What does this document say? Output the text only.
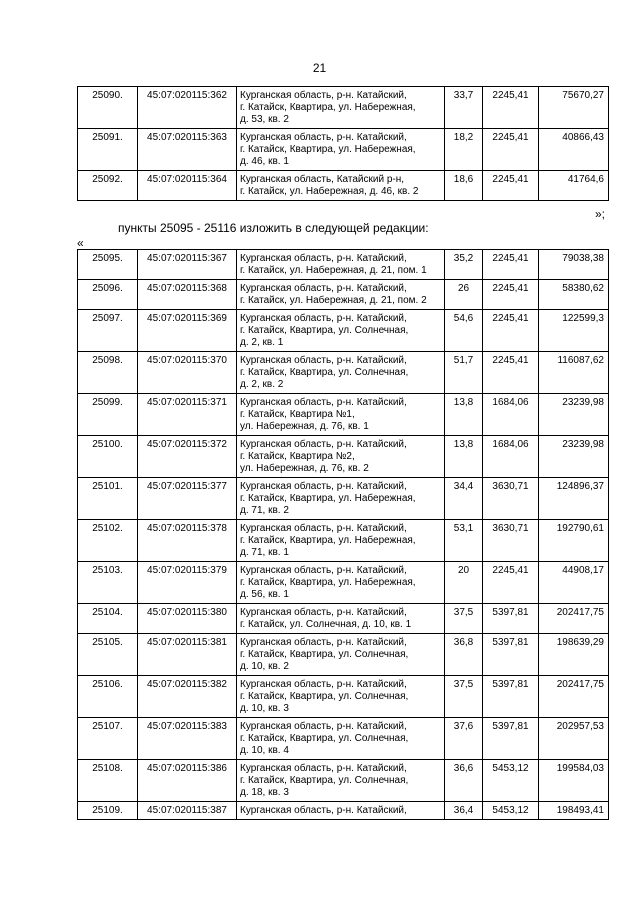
21
25090.	45:07:020115:362	Курганская область, р-н. Катайский,
г. Катайск, Квартира, ул. Набережная,
д. 53, кв. 2	33,7	2245,41	75670,27
25091.	45:07:020115:363	Курганская область, р-н. Катайский,
г. Катайск, Квартира, ул. Набережная,
д. 46, кв. 1	18,2	2245,41	40866,43
25092.	45:07:020115:364	Курганская область, Катайский р-н,
г. Катайск, ул. Набережная, д. 46, кв. 2	18,6	2245,41	41764,6
»;
пункты 25095 - 25116 изложить в следующей редакции:
«
25095.	45:07:020115:367	Курганская область, р-н. Катайский,
г. Катайск, ул. Набережная, д. 21, пом. 1	35,2	2245,41	79038,38
25096.	45:07:020115:368	Курганская область, р-н. Катайский,
г. Катайск, ул. Набережная, д. 21, пом. 2	26	2245,41	58380,62
25097.	45:07:020115:369	Курганская область, р-н. Катайский,
г. Катайск, Квартира, ул. Солнечная,
д. 2, кв. 1	54,6	2245,41	122599,3
25098.	45:07:020115:370	Курганская область, р-н. Катайский,
г. Катайск, Квартира, ул. Солнечная,
д. 2, кв. 2	51,7	2245,41	116087,62
25099.	45:07:020115:371	Курганская область, р-н. Катайский,
г. Катайск, Квартира №1,
ул. Набережная, д. 76, кв. 1	13,8	1684,06	23239,98
25100.	45:07:020115:372	Курганская область, р-н. Катайский,
г. Катайск, Квартира №2,
ул. Набережная, д. 76, кв. 2	13,8	1684,06	23239,98
25101.	45:07:020115:377	Курганская область, р-н. Катайский,
г. Катайск, Квартира, ул. Набережная,
д. 71, кв. 2	34,4	3630,71	124896,37
25102.	45:07:020115:378	Курганская область, р-н. Катайский,
г. Катайск, Квартира, ул. Набережная,
д. 71, кв. 1	53,1	3630,71	192790,61
25103.	45:07:020115:379	Курганская область, р-н. Катайский,
г. Катайск, Квартира, ул. Набережная,
д. 56, кв. 1	20	2245,41	44908,17
25104.	45:07:020115:380	Курганская область, р-н. Катайский,
г. Катайск, ул. Солнечная, д. 10, кв. 1	37,5	5397,81	202417,75
25105.	45:07:020115:381	Курганская область, р-н. Катайский,
г. Катайск, Квартира, ул. Солнечная,
д. 10, кв. 2	36,8	5397,81	198639,29
25106.	45:07:020115:382	Курганская область, р-н. Катайский,
г. Катайск, Квартира, ул. Солнечная,
д. 10, кв. 3	37,5	5397,81	202417,75
25107.	45:07:020115:383	Курганская область, р-н. Катайский,
г. Катайск, Квартира, ул. Солнечная,
д. 10, кв. 4	37,6	5397,81	202957,53
25108.	45:07:020115:386	Курганская область, р-н. Катайский,
г. Катайск, Квартира, ул. Солнечная,
д. 18, кв. 3	36,6	5453,12	199584,03
25109.	45:07:020115:387	Курганская область, р-н. Катайский,	36,4	5453,12	198493,41
